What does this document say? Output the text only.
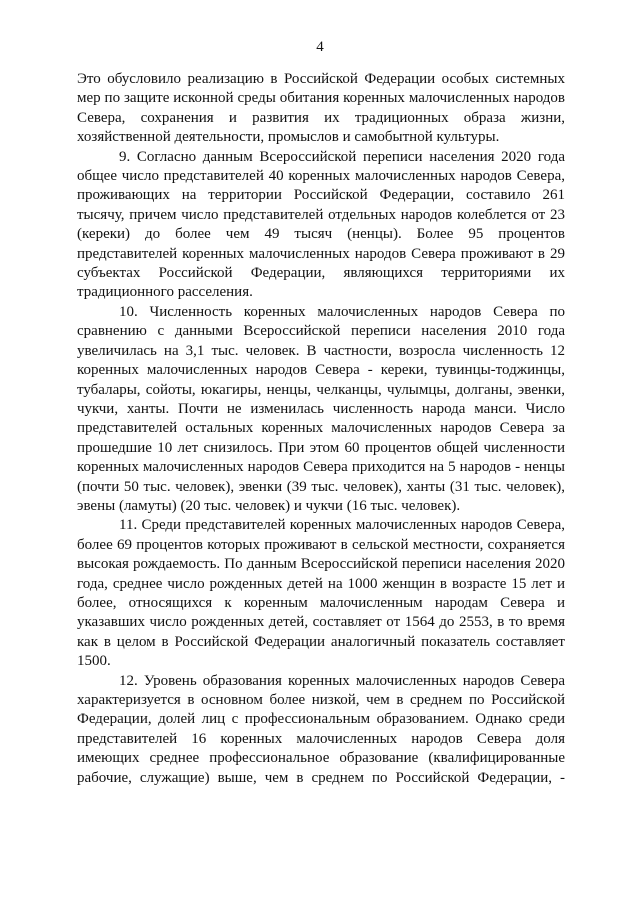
4

Это обусловило реализацию в Российской Федерации особых системных мер по защите исконной среды обитания коренных малочисленных народов Севера, сохранения и развития их традиционных образа жизни, хозяйственной деятельности, промыслов и самобытной культуры.

9. Согласно данным Всероссийской переписи населения 2020 года общее число представителей 40 коренных малочисленных народов Севера, проживающих на территории Российской Федерации, составило 261 тысячу, причем число представителей отдельных народов колеблется от 23 (кереки) до более чем 49 тысяч (ненцы). Более 95 процентов представителей коренных малочисленных народов Севера проживают в 29 субъектах Российской Федерации, являющихся территориями их традиционного расселения.

10. Численность коренных малочисленных народов Севера по сравнению с данными Всероссийской переписи населения 2010 года увеличилась на 3,1 тыс. человек. В частности, возросла численность 12 коренных малочисленных народов Севера - кереки, тувинцы-тоджинцы, тубалары, сойоты, юкагиры, ненцы, челканцы, чулымцы, долганы, эвенки, чукчи, ханты. Почти не изменилась численность народа манси. Число представителей остальных коренных малочисленных народов Севера за прошедшие 10 лет снизилось. При этом 60 процентов общей численности коренных малочисленных народов Севера приходится на 5 народов - ненцы (почти 50 тыс. человек), эвенки (39 тыс. человек), ханты (31 тыс. человек), эвены (ламуты) (20 тыс. человек) и чукчи (16 тыс. человек).

11. Среди представителей коренных малочисленных народов Севера, более 69 процентов которых проживают в сельской местности, сохраняется высокая рождаемость. По данным Всероссийской переписи населения 2020 года, среднее число рожденных детей на 1000 женщин в возрасте 15 лет и более, относящихся к коренным малочисленным народам Севера и указавших число рожденных детей, составляет от 1564 до 2553, в то время как в целом в Российской Федерации аналогичный показатель составляет 1500.

12. Уровень образования коренных малочисленных народов Севера характеризуется в основном более низкой, чем в среднем по Российской Федерации, долей лиц с профессиональным образованием. Однако среди представителей 16 коренных малочисленных народов Севера доля имеющих среднее профессиональное образование (квалифицированные рабочие, служащие) выше, чем в среднем по Российской Федерации, -
